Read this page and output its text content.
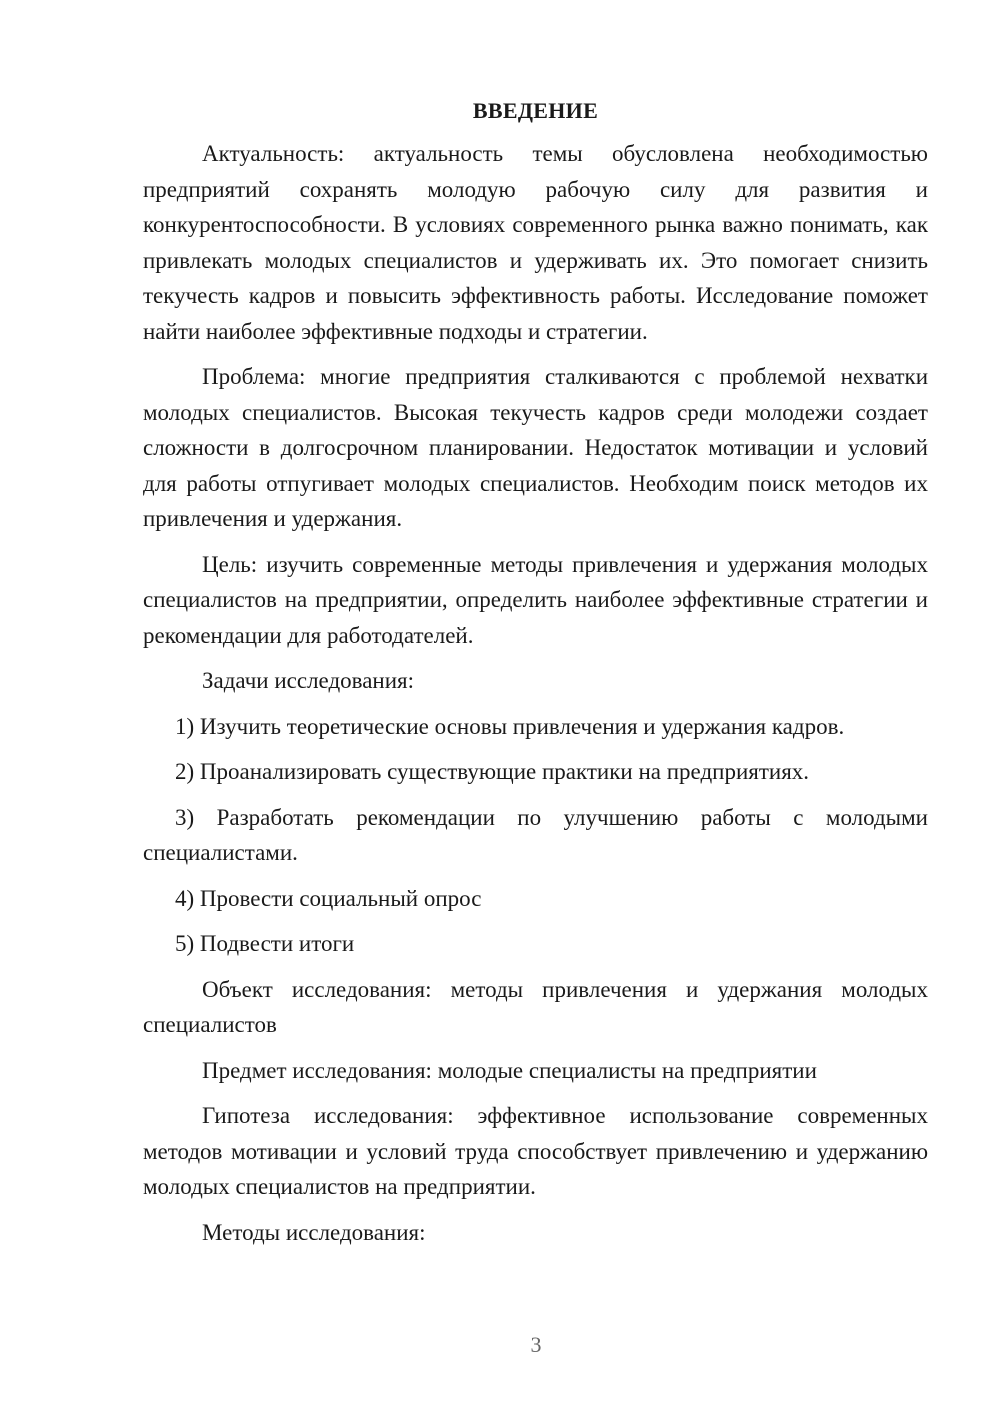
ВВЕДЕНИЕ

Актуальность: актуальность темы обусловлена необходимостью предприятий сохранять молодую рабочую силу для развития и конкурентоспособности. В условиях современного рынка важно понимать, как привлекать молодых специалистов и удерживать их. Это помогает снизить текучесть кадров и повысить эффективность работы. Исследование поможет найти наиболее эффективные подходы и стратегии.

Проблема: многие предприятия сталкиваются с проблемой нехватки молодых специалистов. Высокая текучесть кадров среди молодежи создает сложности в долгосрочном планировании. Недостаток мотивации и условий для работы отпугивает молодых специалистов. Необходим поиск методов их привлечения и удержания.

Цель: изучить современные методы привлечения и удержания молодых специалистов на предприятии, определить наиболее эффективные стратегии и рекомендации для работодателей.

Задачи исследования:

1) Изучить теоретические основы привлечения и удержания кадров.

2) Проанализировать существующие практики на предприятиях.

3) Разработать рекомендации по улучшению работы с молодыми специалистами.

4) Провести социальный опрос

5) Подвести итоги

Объект исследования: методы привлечения и удержания молодых специалистов

Предмет исследования: молодые специалисты на предприятии

Гипотеза исследования: эффективное использование современных методов мотивации и условий труда способствует привлечению и удержанию молодых специалистов на предприятии.

Методы исследования:

3
